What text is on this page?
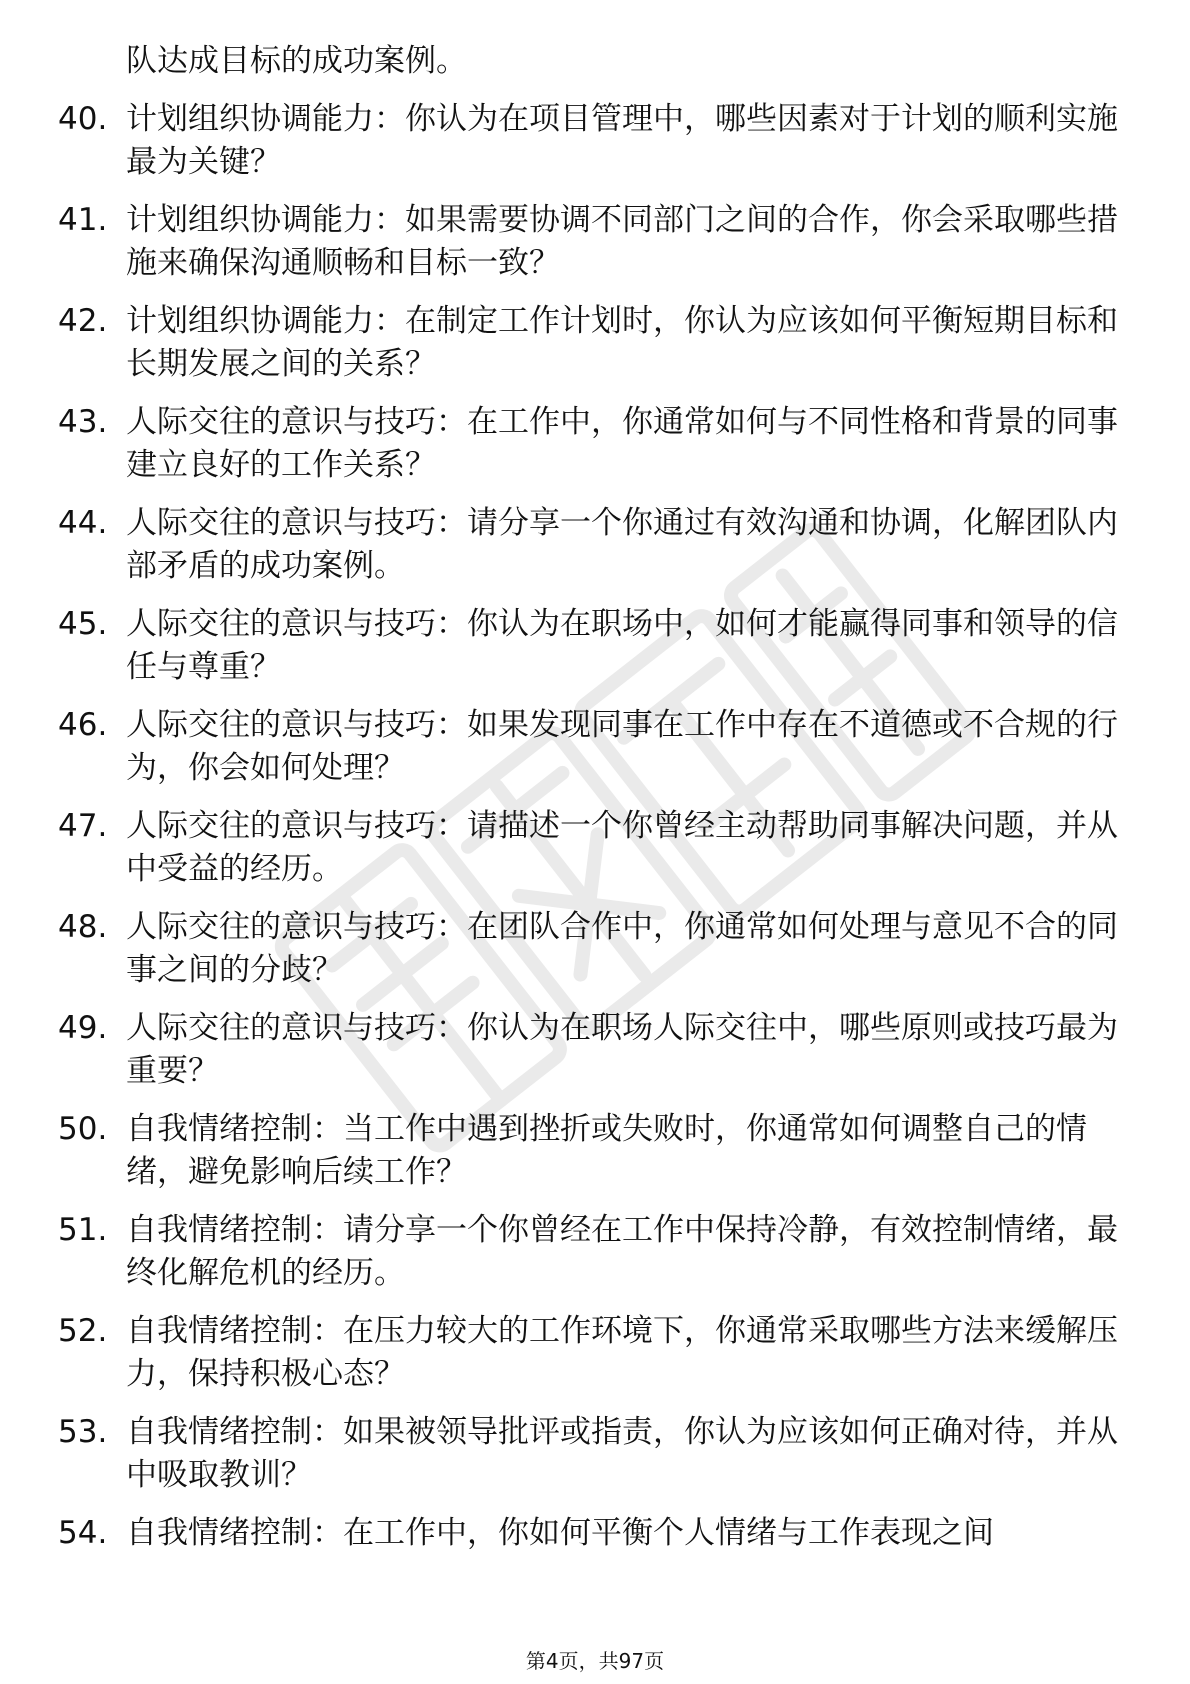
队达成目标的成功案例。
40. 计划组织协调能力：你认为在项目管理中，哪些因素对于计划的顺利实施最为关键？
41. 计划组织协调能力：如果需要协调不同部门之间的合作，你会采取哪些措施来确保沟通顺畅和目标一致？
42. 计划组织协调能力：在制定工作计划时，你认为应该如何平衡短期目标和长期发展之间的关系？
43. 人际交往的意识与技巧：在工作中，你通常如何与不同性格和背景的同事建立良好的工作关系？
44. 人际交往的意识与技巧：请分享一个你通过有效沟通和协调，化解团队内部矛盾的成功案例。
45. 人际交往的意识与技巧：你认为在职场中，如何才能赢得同事和领导的信任与尊重？
46. 人际交往的意识与技巧：如果发现同事在工作中存在不道德或不合规的行为，你会如何处理？
47. 人际交往的意识与技巧：请描述一个你曾经主动帮助同事解决问题，并从中受益的经历。
48. 人际交往的意识与技巧：在团队合作中，你通常如何处理与意见不合的同事之间的分歧？
49. 人际交往的意识与技巧：你认为在职场人际交往中，哪些原则或技巧最为重要？
50. 自我情绪控制：当工作中遇到挫折或失败时，你通常如何调整自己的情绪，避免影响后续工作？
51. 自我情绪控制：请分享一个你曾经在工作中保持冷静，有效控制情绪，最终化解危机的经历。
52. 自我情绪控制：在压力较大的工作环境下，你通常采取哪些方法来缓解压力，保持积极心态？
53. 自我情绪控制：如果被领导批评或指责，你认为应该如何正确对待，并从中吸取教训？
54. 自我情绪控制：在工作中，你如何平衡个人情绪与工作表现之间
第4页，共97页
